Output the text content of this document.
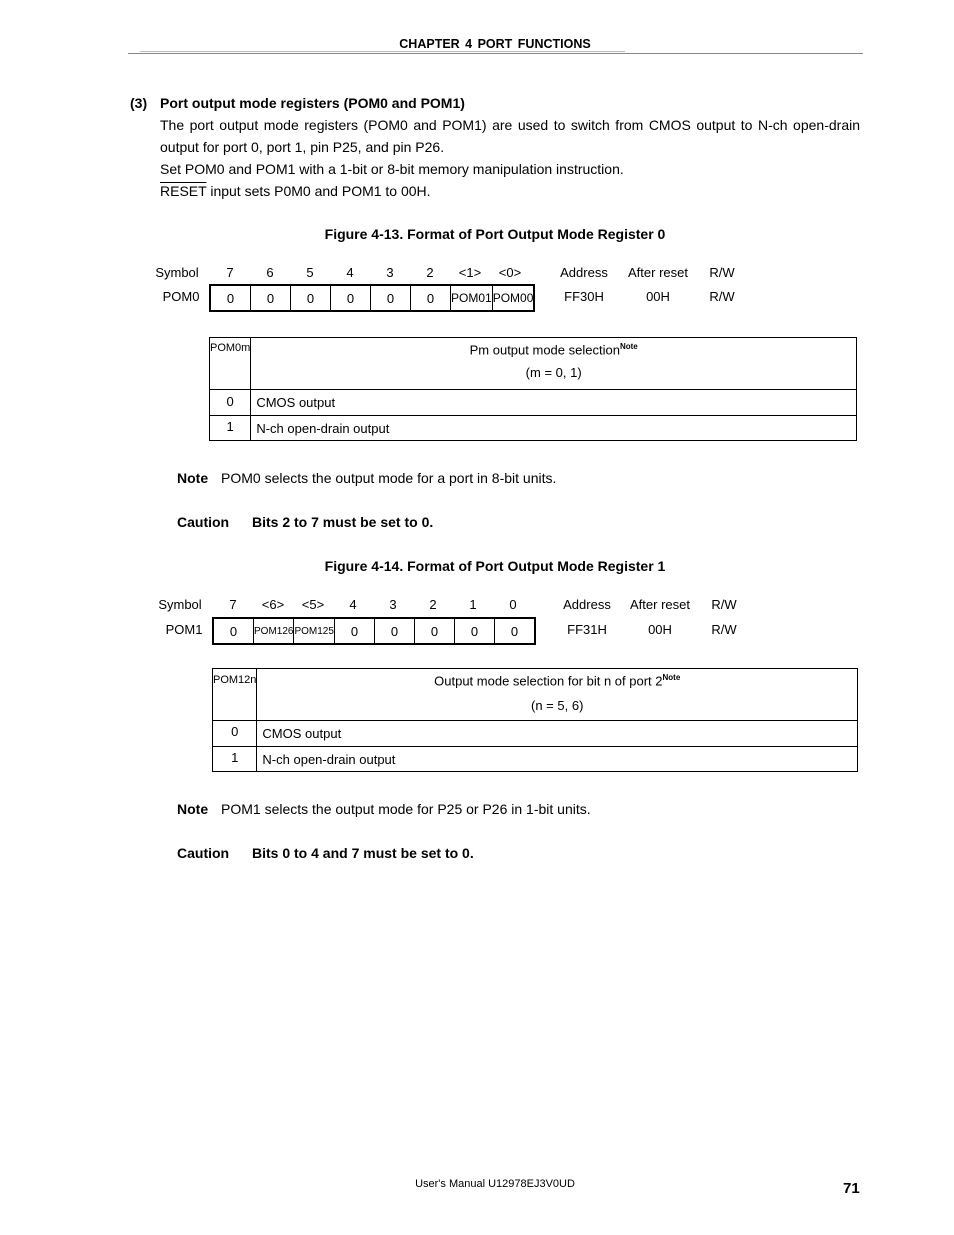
CHAPTER 4 PORT FUNCTIONS
(3) Port output mode registers (POM0 and POM1)
The port output mode registers (POM0 and POM1) are used to switch from CMOS output to N-ch open-drain output for port 0, port 1, pin P25, and pin P26.
Set POM0 and POM1 with a 1-bit or 8-bit memory manipulation instruction.
RESET input sets P0M0 and POM1 to 00H.
Figure 4-13. Format of Port Output Mode Register 0
Symbol	7	6	5	4	3	2	<1>	<0>	Address	After reset	R/W
POM0	0	0	0	0	0	0	POM01	POM00	FF30H	00H	R/W
POM0m	Pm output mode selection$^{Note}$
(m = 0, 1)

0	CMOS output
1	N-ch open-drain output
Note POM0 selects the output mode for a port in 8-bit units.
Caution Bits 2 to 7 must be set to 0.
Figure 4-14. Format of Port Output Mode Register 1
Symbol	7	<6>	<5>	4	3	2	1	0	Address	After reset	R/W
POM1	0	POM126	POM125	0	0	0	0	0	FF31H	00H	R/W
POM12n	Output mode selection for bit n of port $2^{Note}$
(n = 5, 6)

0	CMOS output
1	N-ch open-drain output
Note POM1 selects the output mode for P25 or P26 in 1-bit units.
Caution Bits 0 to 4 and 7 must be set to 0.
User's Manual U12978EJ3V0UD	71
